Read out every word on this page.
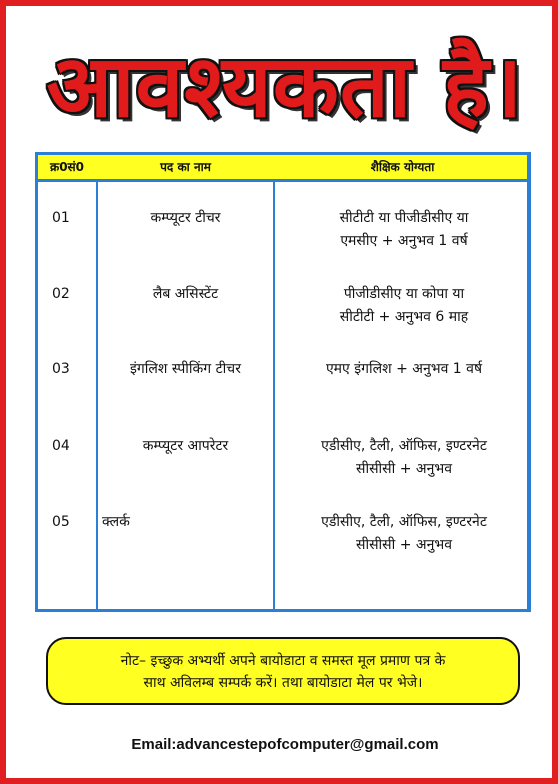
आवश्यकता है।
क्र0सं0	पद का नाम	शैक्षिक योग्यता
01	कम्प्यूटर टीचर	सीटीटी या पीजीडीसीए या
एमसीए + अनुभव 1 वर्ष
02	लैब असिस्टेंट	पीजीडीसीए या कोपा या
सीटीटी + अनुभव 6 माह
03	इंगलिश स्पीकिंग टीचर	एमए इंगलिश + अनुभव 1 वर्ष
04	कम्प्यूटर आपरेटर	एडीसीए, टैली, ऑफिस, इण्टरनेट
सीसीसी + अनुभव
05 क्लर्क	एडीसीए, टैली, ऑफिस, इण्टरनेट
सीसीसी + अनुभव
नोट– इच्छुक अभ्यर्थी अपने बायोडाटा व समस्त मूल प्रमाण पत्र के
साथ अविलम्ब सम्पर्क करें। तथा बायोडाटा मेल पर भेजे।
Email:advancestepofcomputer@gmail.com
